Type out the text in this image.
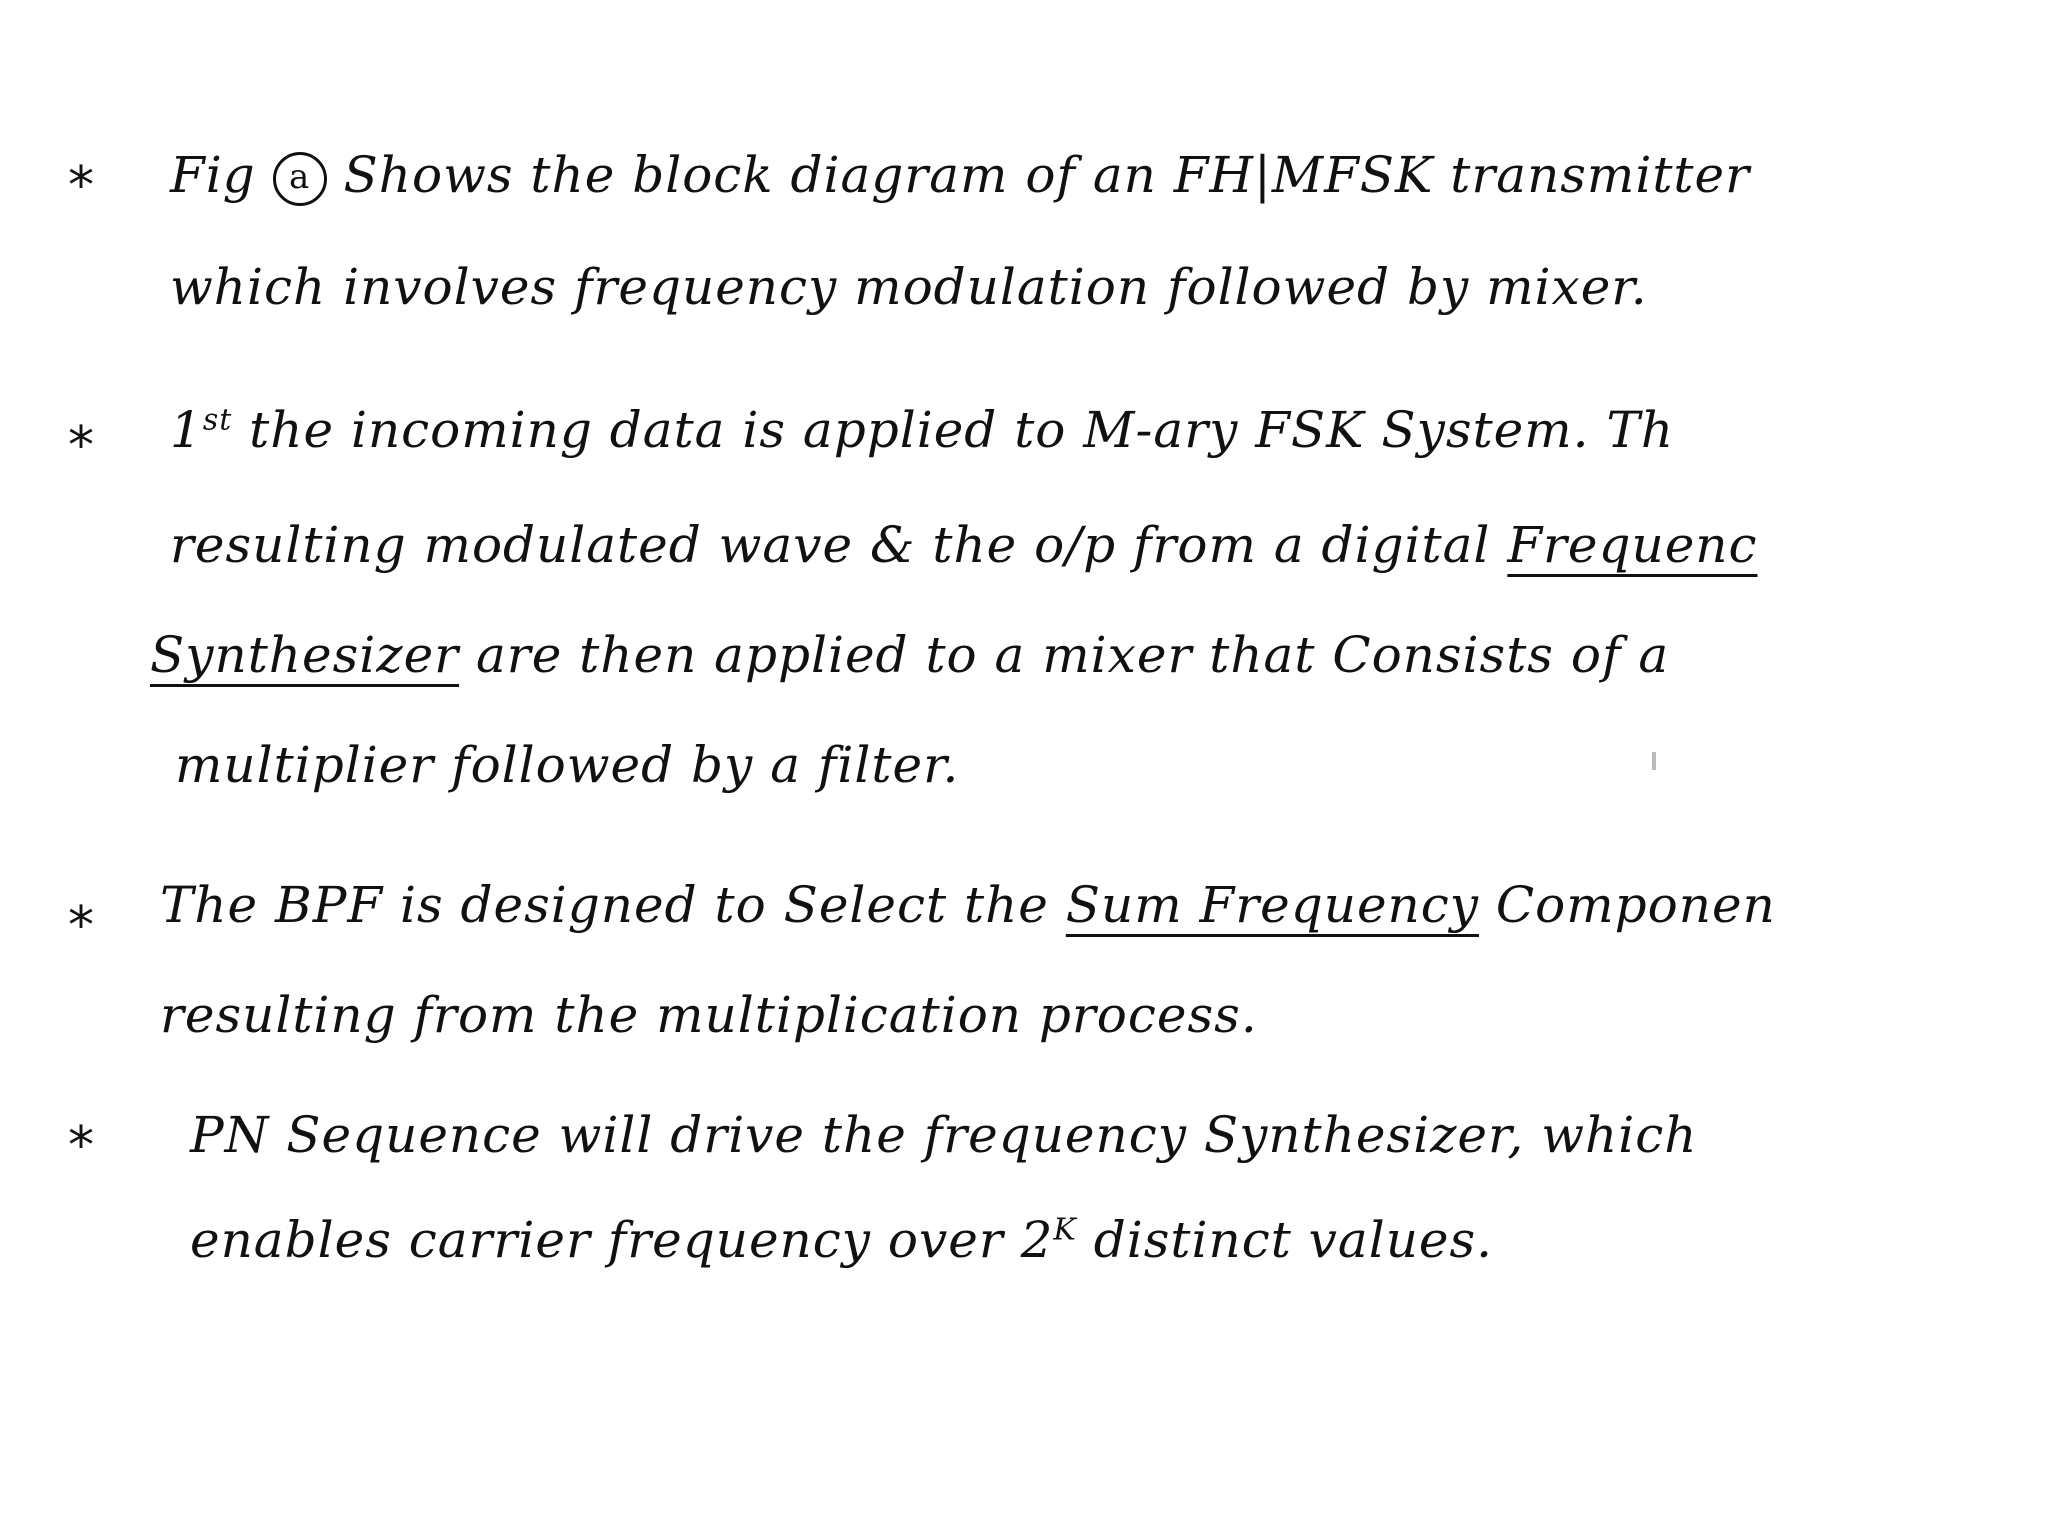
* Fig a Shows the block diagram of an FH|MFSK transmitter
which involves frequency modulation followed by mixer.
* 1st the incoming data is applied to M-ary FSK System. Th
resulting modulated wave & the o/p from a digital Frequenc
Synthesizer are then applied to a mixer that Consists of a
multiplier followed by a filter.
* The BPF is designed to Select the Sum Frequency Componen
resulting from the multiplication process.
* PN Sequence will drive the frequency Synthesizer, which
enables carrier frequency over $2^K$ distinct values.
